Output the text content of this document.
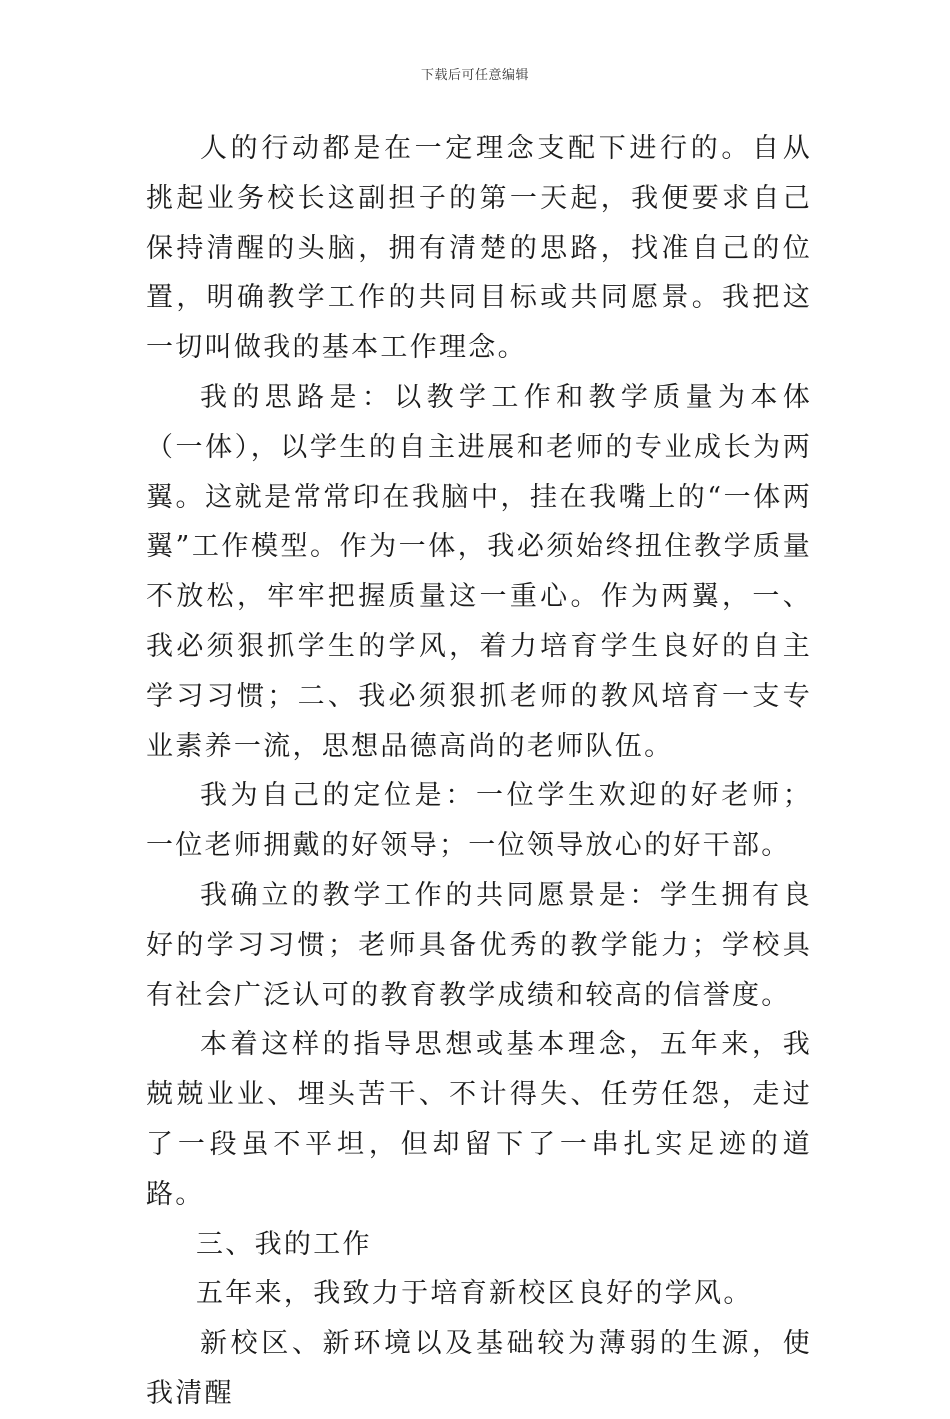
下载后可任意编辑

人的行动都是在一定理念支配下进行的。自从挑起业务校长这副担子的第一天起，我便要求自己保持清醒的头脑，拥有清楚的思路，找准自己的位置，明确教学工作的共同目标或共同愿景。我把这一切叫做我的基本工作理念。

我的思路是：以教学工作和教学质量为本体（一体），以学生的自主进展和老师的专业成长为两翼。这就是常常印在我脑中，挂在我嘴上的“一体两翼”工作模型。作为一体，我必须始终扭住教学质量不放松，牢牢把握质量这一重心。作为两翼，一、我必须狠抓学生的学风，着力培育学生良好的自主学习习惯；二、我必须狠抓老师的教风培育一支专业素养一流，思想品德高尚的老师队伍。

我为自己的定位是：一位学生欢迎的好老师；一位老师拥戴的好领导；一位领导放心的好干部。

我确立的教学工作的共同愿景是：学生拥有良好的学习习惯；老师具备优秀的教学能力；学校具有社会广泛认可的教育教学成绩和较高的信誉度。

本着这样的指导思想或基本理念，五年来，我兢兢业业、埋头苦干、不计得失、任劳任怨，走过了一段虽不平坦，但却留下了一串扎实足迹的道路。

三、我的工作

五年来，我致力于培育新校区良好的学风。

新校区、新环境以及基础较为薄弱的生源，使我清醒
